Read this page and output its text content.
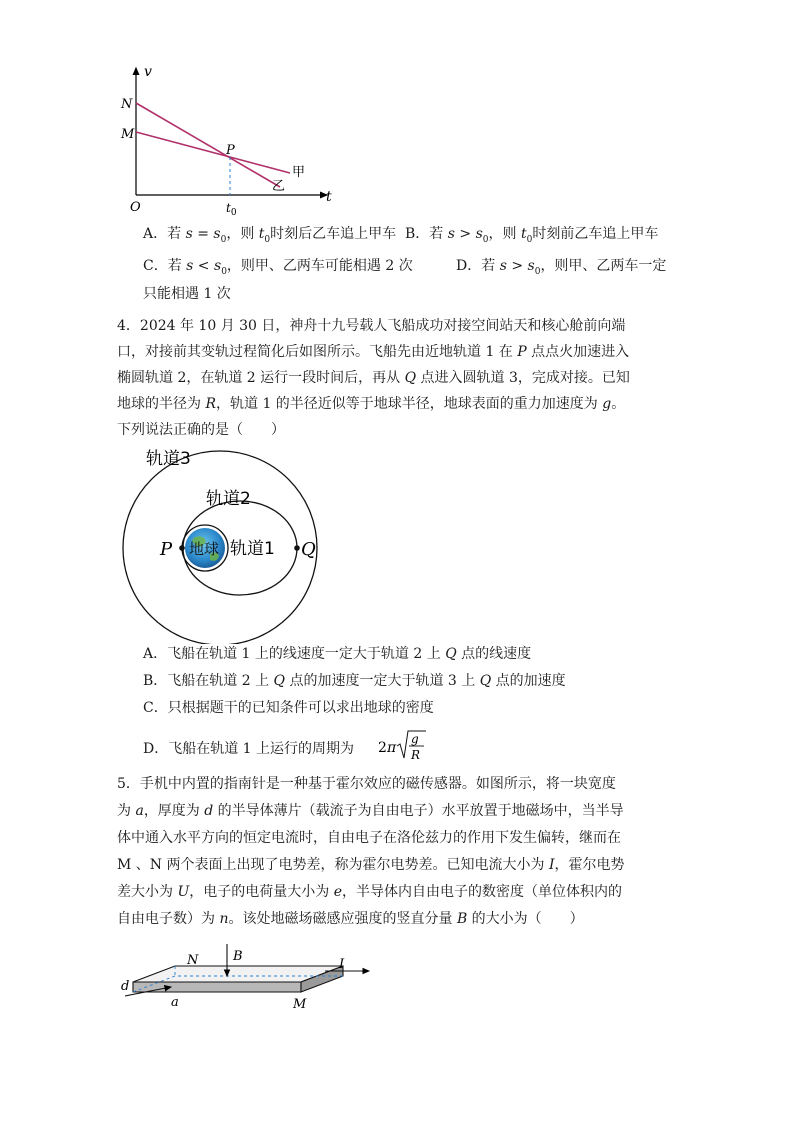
v
t
O
N
M
P
$t_0$
甲
乙
A．若 $s = s_0$，则 $t_0$时刻后乙车追上甲车 B．若 $s > s_0$，则 $t_0$时刻前乙车追上甲车
C．若 $s < s_0$，则甲、乙两车可能相遇 2 次	D．若 $s > s_0$，则甲、乙两车一定
只能相遇 1 次
4．2024 年 10 月 30 日，神舟十九号载人飞船成功对接空间站天和核心舱前向端
口，对接前其变轨过程简化后如图所示。飞船先由近地轨道 1 在 P 点点火加速进入
椭圆轨道 2，在轨道 2 运行一段时间后，再从 Q 点进入圆轨道 3，完成对接。已知
地球的半径为 R，轨道 1 的半径近似等于地球半径，地球表面的重力加速度为 g。
下列说法正确的是（　　）
地球
P	Q
轨道1
轨道2
轨道3
A．飞船在轨道 1 上的线速度一定大于轨道 2 上 Q 点的线速度
B．飞船在轨道 2 上 Q 点的加速度一定大于轨道 3 上 Q 点的加速度
C．只根据题干的已知条件可以求出地球的密度
D．飞船在轨道 1 上运行的周期为 2 π
g
R
5．手机中内置的指南针是一种基于霍尔效应的磁传感器。如图所示，将一块宽度
为 a，厚度为 d 的半导体薄片（载流子为自由电子）水平放置于地磁场中，当半导
体中通入水平方向的恒定电流时，自由电子在洛伦兹力的作用下发生偏转，继而在
M 、N 两个表面上出现了电势差，称为霍尔电势差。已知电流大小为 I，霍尔电势
差大小为 U，电子的电荷量大小为 e，半导体内自由电子的数密度（单位体积内的
自由电子数）为 n。该处地磁场磁感应强度的竖直分量 B 的大小为（　　）
N	B
I
d
a	M
